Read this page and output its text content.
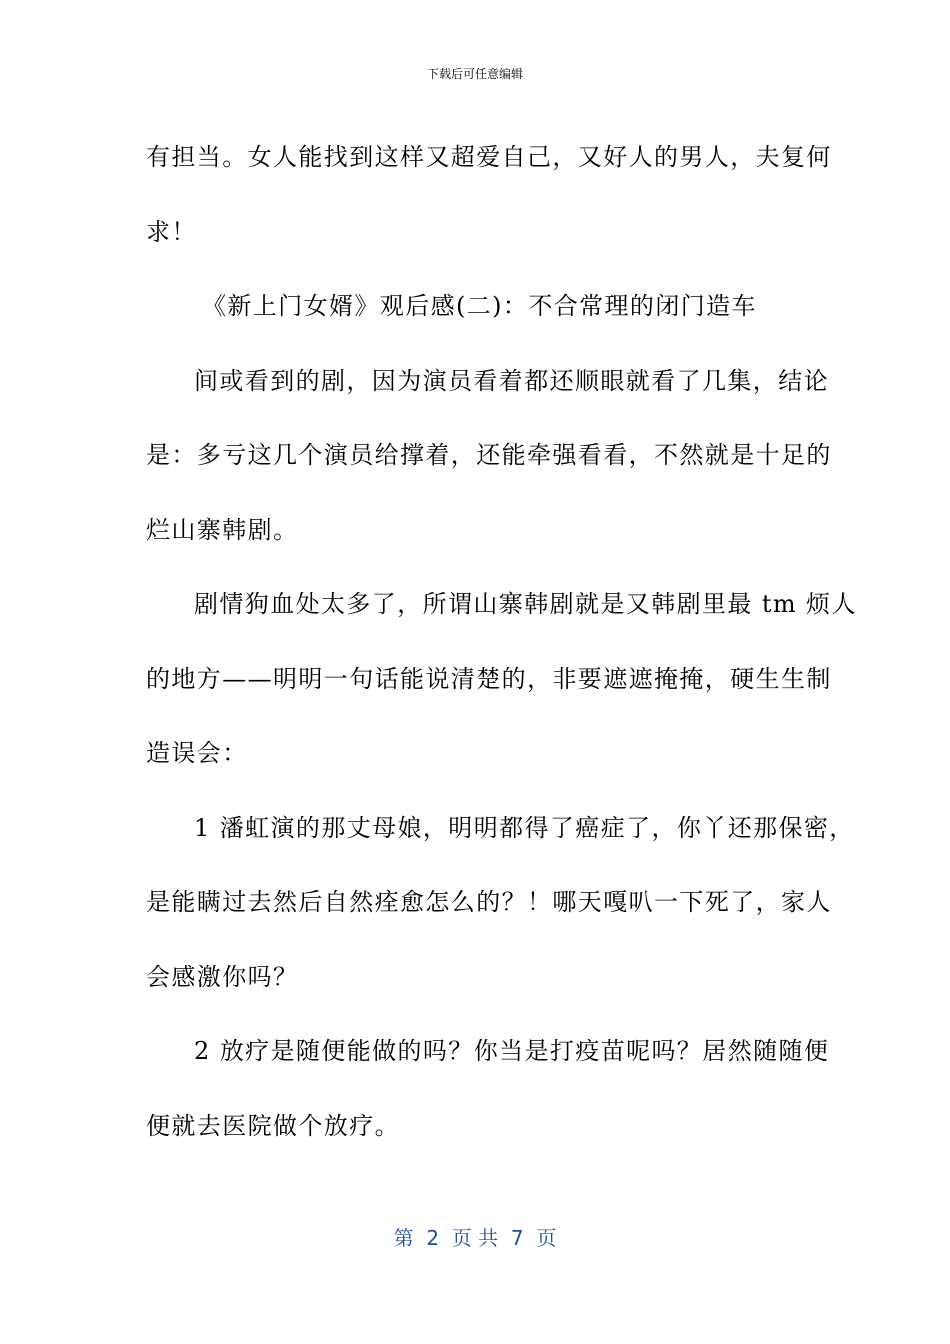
下载后可任意编辑
有担当。女人能找到这样又超爱自己，又好人的男人，夫复何
求！
《新上门女婿》观后感(二)：不合常理的闭门造车
间或看到的剧，因为演员看着都还顺眼就看了几集，结论
是：多亏这几个演员给撑着，还能牵强看看，不然就是十足的
烂山寨韩剧。
剧情狗血处太多了，所谓山寨韩剧就是又韩剧里最 tm 烦人
的地方——明明一句话能说清楚的，非要遮遮掩掩，硬生生制
造误会：
1 潘虹演的那丈母娘，明明都得了癌症了，你丫还那保密，
是能瞒过去然后自然痊愈怎么的？！哪天嘎叭一下死了，家人
会感激你吗？
2 放疗是随便能做的吗？你当是打疫苗呢吗？居然随随便
便就去医院做个放疗。
第  2  页 共  7  页
